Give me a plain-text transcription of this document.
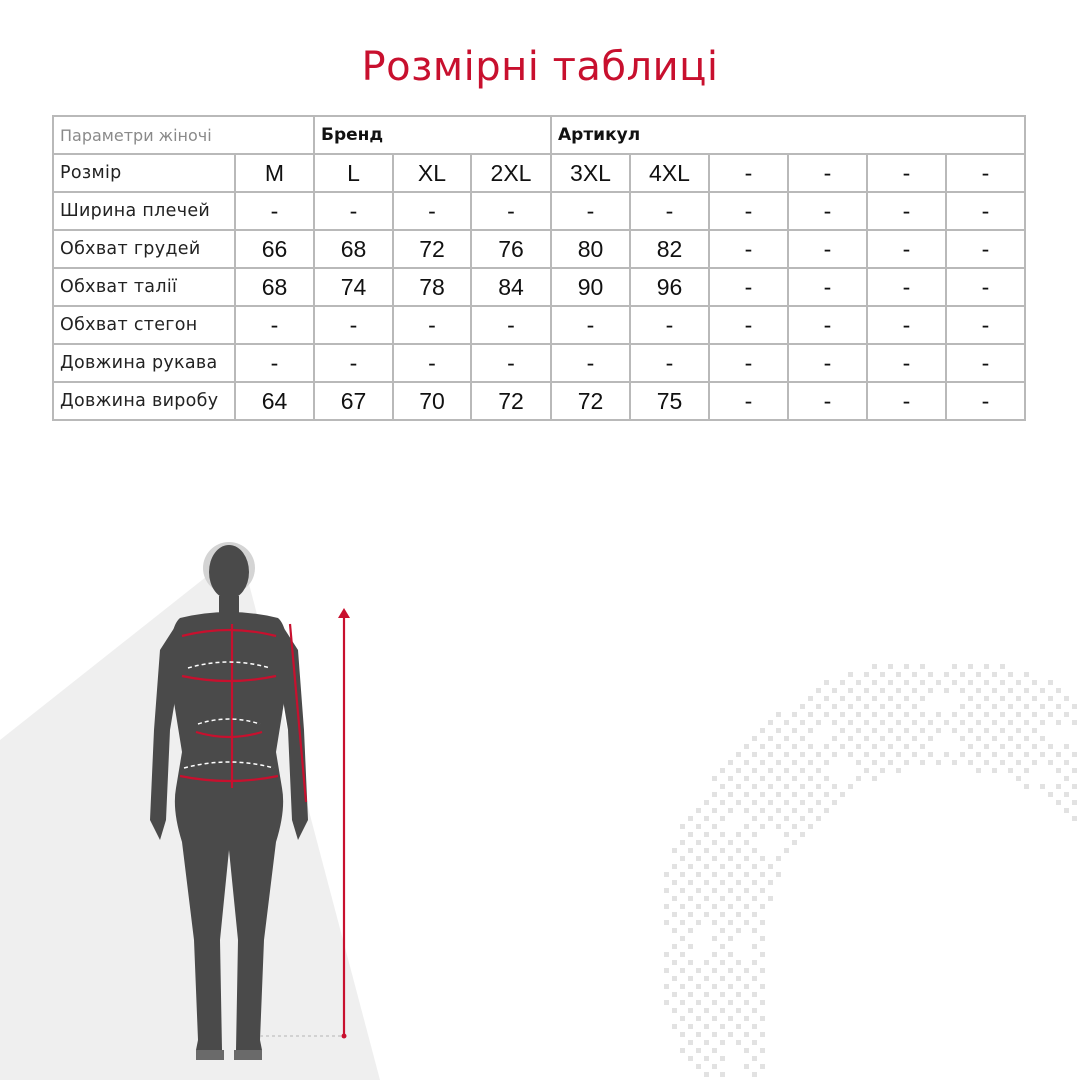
Розмірні таблиці
Параметри жіночі		Бренд			Артикул					
Розмір	M	L	XL	2XL	3XL	4XL	-	-	-	-
Ширина плечей	-	-	-	-	-	-	-	-	-	-
Обхват грудей	66	68	72	76	80	82	-	-	-	-
Обхват талії	68	74	78	84	90	96	-	-	-	-
Обхват стегон	-	-	-	-	-	-	-	-	-	-
Довжина рукава	-	-	-	-	-	-	-	-	-	-
Довжина виробу	64	67	70	72	72	75	-	-	-	-
